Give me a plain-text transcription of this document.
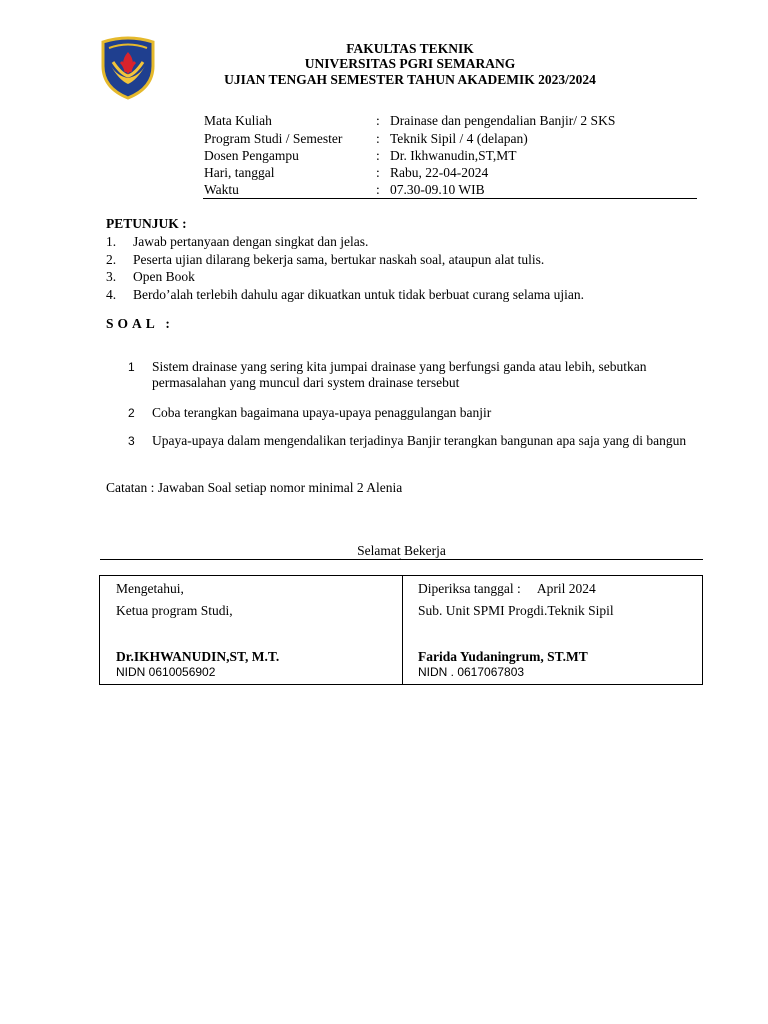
FAKULTAS TEKNIK
UNIVERSITAS PGRI SEMARANG
UJIAN TENGAH SEMESTER TAHUN AKADEMIK 2023/2024
Mata Kuliah	: Drainase dan pengendalian Banjir/ 2 SKS
Program Studi / Semester	: Teknik Sipil / 4 (delapan)
Dosen Pengampu	: Dr. Ikhwanudin,ST,MT
Hari, tanggal	: Rabu, 22-04-2024
Waktu	: 07.30-09.10 WIB
PETUNJUK :
1. Jawab pertanyaan dengan singkat dan jelas.
2. Peserta ujian dilarang bekerja sama, bertukar naskah soal, ataupun alat tulis.
3. Open Book
4. Berdo’alah terlebih dahulu agar dikuatkan untuk tidak berbuat curang selama ujian.
SOAL :
1 Sistem drainase yang sering kita jumpai drainase yang berfungsi ganda atau lebih, sebutkan permasalahan yang muncul dari system drainase tersebut
2 Coba terangkan bagaimana upaya-upaya penaggulangan banjir
3 Upaya-upaya dalam mengendalikan terjadinya Banjir terangkan bangunan apa saja yang di bangun
Catatan : Jawaban Soal setiap nomor minimal 2 Alenia
Selamat Bekerja
`
Mengetahui,
Ketua program Studi,
Dr.IKHWANUDIN,ST, M.T.
NIDN 0610056902
Diperiksa tanggal :     April 2024
Sub. Unit SPMI Progdi.Teknik Sipil
Farida Yudaningrum, ST.MT
NIDN . 0617067803
